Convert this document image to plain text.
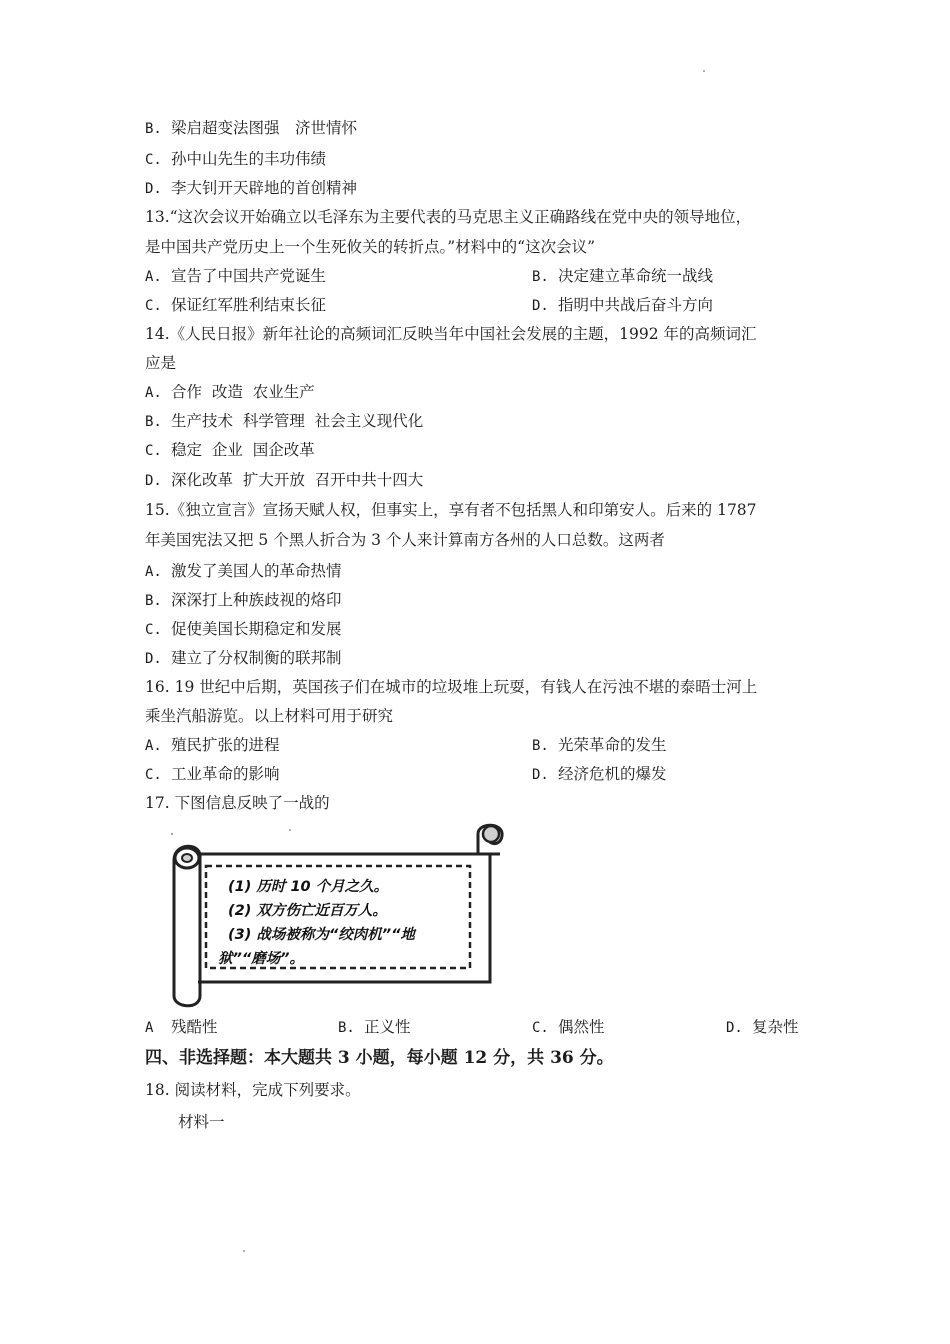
B. 梁启超变法图强　济世情怀
C. 孙中山先生的丰功伟绩
D. 李大钊开天辟地的首创精神
13.“这次会议开始确立以毛泽东为主要代表的马克思主义正确路线在党中央的领导地位，
是中国共产党历史上一个生死攸关的转折点。”材料中的“这次会议”
A. 宣告了中国共产党诞生	B. 决定建立革命统一战线
C. 保证红军胜利结束长征	D. 指明中共战后奋斗方向
14.《人民日报》新年社论的高频词汇反映当年中国社会发展的主题，1992 年的高频词汇
应是
A. 合作  改造  农业生产
B. 生产技术  科学管理  社会主义现代化
C. 稳定  企业  国企改革
D. 深化改革  扩大开放  召开中共十四大
15.《独立宣言》宣扬天赋人权，但事实上，享有者不包括黑人和印第安人。后来的 1787
年美国宪法又把 5 个黑人折合为 3 个人来计算南方各州的人口总数。这两者
A. 激发了美国人的革命热情
B. 深深打上种族歧视的烙印
C. 促使美国长期稳定和发展
D. 建立了分权制衡的联邦制
16. 19 世纪中后期，英国孩子们在城市的垃圾堆上玩耍，有钱人在污浊不堪的泰晤士河上
乘坐汽船游览。以上材料可用于研究
A. 殖民扩张的进程	B. 光荣革命的发生
C. 工业革命的影响	D. 经济危机的爆发
17. 下图信息反映了一战的
(1) 历时 10 个月之久。
(2) 双方伤亡近百万人。
(3) 战场被称为“绞肉机”“地
狱”“磨场”。
A 残酷性	B. 正义性	C. 偶然性	D. 复杂性
四、非选择题：本大题共 3 小题，每小题 12 分，共 36 分。
18. 阅读材料，完成下列要求。
材料一
